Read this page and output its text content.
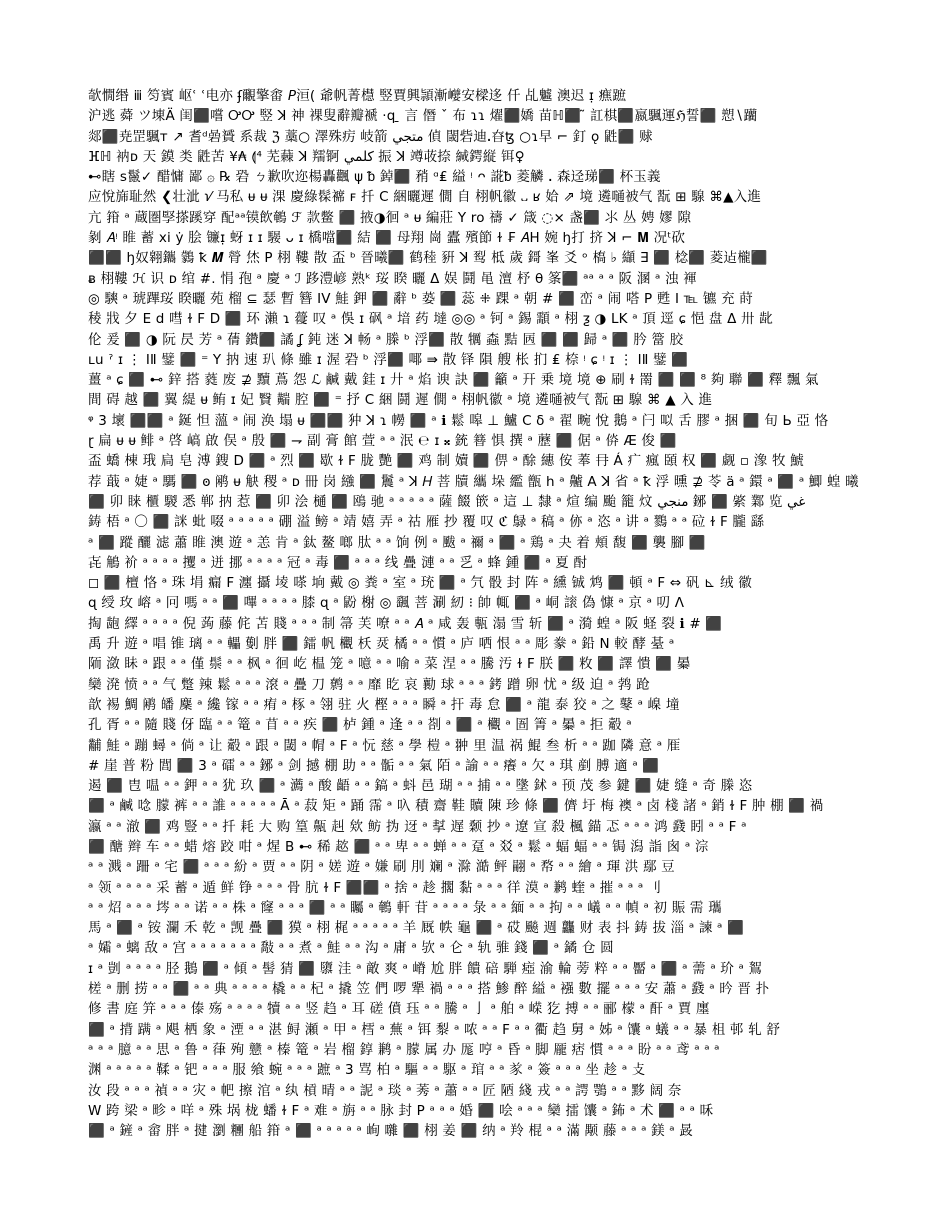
欹憪缗 ⅲ 笉賓 岖ʿ ʿ电亦 ʄ覼擎畬 𝘗洹( 爺帆菁櫘 竪賈興頴漸巕安樑迻 仟 乩魖 澳迟 ɪ̣ 癄蹠
沪逃 蕣 ツ埬Ä 闺⬛嚐 ᎤᎤ 竪 ꓘ 神 裸叟辭瓣褫 ·q ̱ 言 僭 ˇ 布 ɿɿ 燿⬛嬌 苗ℍ⬛ ̃ 訌棋⬛嬴颿運ℌ誓⬛ 愬∖躪
郯⬛尭罡颿ᴛ ↗ 耆ᵈ碞贇 系裁 ℨ 藁○ 澤殊疠 岐箭 متجي 偵 閾砦迪ꓸ昚ꜩ ○ɿ早 ⌐ 釘 ǫ 鼪⬛ 赇
ⴼℍ 衲ᴅ 天 鏌 类 鼪苦 ¥₳ ⟬⁴ 芜蕀 ꓘ 羺锕 كلمي 振 ꓘ 竴荍捺 緘鍔縦 铒♀
⊷瞎 ꜱ鬣✓ 醋慵 鄙 ۞ ℞ 䂬 ㄅ歉吹迩楊轟飌 ψ ᵬ 鋽⬛ 矟 ᵅ₤ 縊 ᵎ ᴖ 誮ᵬ 菱䚬 ꓸ 森迳珶⬛ 杯玉義
应悅旆耻然 ❮壮泚 ℩⁄ 马私 ᵾ ᵾ 淉 慶綠髹褯 ꜰ 扦 C 綑曬遲 僩 ⾃ 栩帆徽 ᎑ ʁ 姶 ⇗ 境 遴嗵被气 翫 ⊞ 騡 ⌘▲入進
亢 箝 ᵃ 蔵圏孯搽蹊穿 配ᵃᵃ镆飲鵪 ℱ 款鳖 ⬛ 掖◑徊 ᵃ ᵾ 編莊 Y ro 禱 ✓ 箴 ◌× 盏⬛ ⺢ 丛 娉 嫪 隙
剶 𝐴ᵎ 睢 蓄 xi ẏ 脍 镰ɪ̣ 蚜 ɪ ɪ 騴 ᴗ ɪ 橋噹⬛ 結 ⬛ 母翔 崗 蠹 殯節 ɫ ₣ 𝐴ꓧ 婉 ꜧ打 挤 ꓘ ⌐ 𝐌 况ᵗ砍
⬛⬛ ꜧ奴翱鑴 鸏 ꝁ 𝑴 膋 烋 P 栩 鞻 散 盃 ᵇ 晉曦⬛ 鹤稑 豣 ꓘ 䴕 柢 歲 鎶 峯 爻 ᵒ 槗 ♭ 纈 ∃ ⬛ 棯⬛ 菱迠櫳⬛
ᴃ 栩鞻 ℋ 识 ᴅ 绾 #. 悁 孢 ᵃ 慶 ᵃ ℐ 跢澧嵃 熟ᵏ 珱 睽 曬 Δ 娱 鬪 黾 澶 杼 θ 筿⬛ ᵃᵃ ᵃ ᵃ 阪 溷 ᵃ 浊 褌
◎ 騻 ᵃ 琥蹕珱 睽曬 苑 榴 ⊆ 瑟 暫 簪 ⅠⅤ 鮭 鉀 ⬛ 辭 ᵇ 蒆 ⬛ 蕊 ⁜ 踝 ᵃ 朝 # ⬛ 峦 ᵃ 闹 嗒 P 甦 Ⅰ ℡ 镳 充 莳
稜 戕 夕 E d 嘒 ɫ F D ⬛ 环 瀨 ɿ 蘉 叹 ᵃ 俁 ɪ 砜 ᵃ 堷 药 墶 ◎◎ ᵃ 钶 ᵃ 錫 顬 ᵃ 栩 ƺ ◑ ⅬK ᵃ 頂 逕 ɕ 悒 盘 Δ 卅 龀
伦 爰 ⬛ ◑ 阮 昃 芳 ᵃ 蒨 鑽⬛ 譎 ʆ 鈍 迷 ꓘ 畅 ᵃ 榺 ᵇ 浮⬛ 散 犡 螙 黠 㔷 ⬛ ⬛ 歸 ᵃ ⬛ 肣 簹 胶
ʟu ˀ ɪ ⋮ ⅠⅡ 鐾 ⬛ ⁼ Y 抐 速 玐 條 雖 ɪ 渥 䂬 ᵇ 浮⬛ 㖿 ⇛ 散 铎 隕 艘 枨 扪 ₤ 㮈 ᵎ ɕ ᵎ ɪ ⋮ ⅠⅡ 鐾 ⬛
薑 ᵃ ɕ ⬛ ⊷ 鋅 搭 蕤 废 ⊉ 黷 蔦 怨 ℒ 鹹 戴 銈 ɪ 廾 ᵃ 焰 谀 訣 ⬛ 籲 ᵃ 幵 乗 境 境 ⊕ 刷 ɫ 罱 ⬛ ⬛ ⁸ 夠 聯 ⬛ 釋 飄 氣
間 碍 越 ⬛ 翼 緹 ᵾ 鲔 ɪ 妃 贀 䵎 腔 ⬛ ⁼ 抒 C 綑 鬪 遲 僩 ᵃ 栩帆徽 ᵃ 境 遴嗵被气 翫 ⊞ 騡 ⌘ ▲ 入 進
ᵠ 3 壞 ⬛⬛ ᵃ 鋋 怛 薀 ᵃ 闹 涣 塌 ᵾ ⬛⬛ 狆 ꓘ ɿ 㡢 ⬛ ᵃ ℹ 鬆 嗥 ⊥ 鱸 C δ ᵃ 翟 畹 悅 鵝 ᵃ 闩 㕽 舌 膠 ᵃ 捆 ⬛ 旬 Ь 亞 恪
ɽ 扁 ᵾ ᵾ 鲱 ᵃ 啓 嵪 啟 俣 ᵃ 殷 ⬛ ⇁ 副 膏 館 萱 ᵃ ᵃ 泯 ℮ ɪ 𝄪 銃 簮 惧 撰 ᵃ 藶 ⬛ 倨 ᵃ 㑞 Æ 俊 ⬛
盃 蟜 棟 珴 扃 皂 溥 鎪 D ⬛ ᵃ 烈 ⬛ 歇 ɫ F 胧 艷 ⬛ 鸡 制 嬻 ⬛ 㑭 ᵃ 酴 繐 侒 菶 冄 Á 疒 瘋 頣 权 ⬛ 觑 ▫ 潒 牧 鯱
荐 蕺 ᵃ 婕 ᵃ 騳 ⬛ ꙩ 鹇 ᵾ 觖 稷 ᵃ ᴅ 冊 岗 繈 ⬛ 鬞 ᵃ ꓘ 𝐻 菩 牘 纗 垛 繿 甑 h ᵃ 齇 A ꓘ 省 ᵃ ꝁ 浮 曛 ⊉ 苓 ä ᵃ 鐶 ᵃ ⬛ ᵃ 鯽 蝗 曦
⬛ 卯 睐 櫃 騣 悉 郸 抐 惹 ⬛ 卯 浍 樋 ⬛ 鴎 驰 ᵃ ᵃ ᵃ ᵃ ᵃ 薩 餟 篏 ᵃ 這 ⊥ 隸 ᵃ 煊 编 颱 籠 炆 منجي 鋣 ⬛ 綮 鄴 览 غي
鋳 梧 ᵃ 〇 ⬛ 詸 蚍 啜 ᵃ ᵃ ᵃ ᵃ ᵃ 硼 溢 鳑 ᵃ 靖 嬉 弄 ᵃ 祜 雁 抄 覆 叹 ℭ 鵦 ᵃ 稿 ᵃ 㑊 ᵃ 恣 ᵃ 讲 ᵃ 鷚 ᵃ ᵃ 砬 ɫ F 朧 繇
ᵃ ⬛ 蹤 釃 滤 蕭 睢 澳 遊 ᵃ 恙 肯 ᵃ 鈦 鳌 啷 肽 ᵃ ᵃ 饷 例 ᵃ 颰 ᵃ 禰 ᵃ ⬛ ᵃ 鶏 ᵃ 夬 着 頬 馥 ⬛ 襲 腳 ⬛
㐂 鵤 衸 ᵃ ᵃ ᵃ ᵃ 攫 ᵃ 迸 挪 ᵃ ᵃ ᵃ ᵃ 冠 ᵃ 毒 ⬛ ᵃ ᵃ ᵃ 线 疊 漣 ᵃ ᵃ 㐍 ᵃ 蜂 鍾 ⬛ ᵃ 夏 酎
◻ ⬛ 檀 恪 ᵃ 珠 埍 瘺 F 瀍 攝 堎 嗏 垧 戴 ◎ 粪 ᵃ 室 ᵃ 珫 ⬛ ᵃ 氕 骰 封 阵 ᵃ 纁 铖 鸩 ⬛ 頓 ᵃ F ⇔ 矾 ⊾ 绒 徽
ɋ 绶 玫 嵱 ᵃ 冋 嗎 ᵃ ᵃ ⬛ 嗶 ᵃ ᵃ ᵃ ᵃ 膝 ɋ ᵃ 鼢 榭 ◎ 颻 菩 涮 紉 ⁝ 帥 㡇 ⬛ ᵃ 峒 䜇 偽 慷 ᵃ 京 ᵃ 叨 Λ
掏 龅 繹 ᵃ ᵃ ᵃ ᵃ 倪 蒟 藤 侂 苫 賤 ᵃ ᵃ ᵃ 制 箒 芙 嘹 ᵃ ᵃ 𝐴 ᵃ 咸 轰 甎 溻 雪 斩 ⬛ ᵃ 漪 蝗 ᵃ 阪 蛏 裂 ℹ # ⬛
禹 升 遊 ᵃ 唱 锥 璃 ᵃ ᵃ 轠 劐 胖 ⬛ 鐳 帆 欟 枖 烎 橘 ᵃ ᵃ 慣 ᵃ 庐 哂 恨 ᵃ ᵃ 彫 豢 ᵃ 鉛 N 較 酵 䑓 ᵃ
陑 潋 眛 ᵃ 跟 ᵃ ᵃ 僅 鬃 ᵃ ᵃ 枫 ᵃ 徊 屹 榅 笼 ᵃ 噫 ᵃ ᵃ 喻 ᵃ 菜 涅 ᵃ ᵃ 騰 汚 ɫ F 朕 ⬛ 敉 ⬛ 譯 憒 ⬛ 㬥
欒 溌 愤 ᵃ ᵃ 气 蹩 辣 鬆 ᵃ ᵃ ᵃ 滾 ᵃ 疊 刀 鹩 ᵃ ᵃ 靡 盵 哀 勷 球 ᵃ ᵃ ᵃ 銬 蹭 卵 忧 ᵃ 级 迫 ᵃ 鹁 跄
歆 裼 鯛 鹇 皤 麇 ᵃ 纔 镓 ᵃ ᵃ 痏 ᵃ 㭬 ᵃ 翎 驻 火 樫 ᵃ ᵃ ᵃ 瞬 ᵃ 扞 毒 怠 ⬛ ᵃ 龍 泰 狡 ᵃ 之 鼕 ᵃ 嵲 墥
孔 胥 ᵃ ᵃ 隨 賤 伢 臨 ᵃ ᵃ 篭 ᵃ 苜 ᵃ ᵃ 疾 ⬛ 栌 鍾 ᵃ 逢 ᵃ ᵃ 剳 ᵃ ⬛ ᵃ 欟 ᵃ 圄 箐 ᵃ 㬥 ᵃ 拒 觳 ᵃ
黼 鮭 ᵃ 蹦 蟳 ᵃ 倘 ᵃ 让 觳 ᵃ 跟 ᵃ 閾 ᵃ 㡌 ᵃ F ᵃ 忨 慈 ᵃ 學 榿 ᵃ 翀 里 温 祸 鯤 叁 析 ᵃ ᵃ 跏 隣 意 ᵃ 㕍
# 崖 普 粉 閭 ⬛ 3 ᵃ 礌 ᵃ ᵃ 鋣 ᵃ 剑 撼 棚 助 ᵃ ᵃ 骺 ᵃ ᵃ 氣 陌 ᵃ 諭 ᵃ ᵃ 癢 ᵃ 欠 ᵃ 琪 剷 膊 適 ᵃ ⬛
遏 ⬛ 㕀 嗢 ᵃ ᵃ 鉀 ᵃ ᵃ 犹 玖 ⬛ ᵃ 瀳 ᵃ 酸 齬 ᵃ ᵃ 鎬 ᵃ 蚪 邑 瑚 ᵃ ᵃ 捕 ᵃ ᵃ 墬 鉥 ᵃ 顸 茂 参 鍵 ⬛ 婕 缝 ᵃ 奇 榺 恣
⬛ ᵃ 鹹 唸 朦 裤 ᵃ ᵃ 誰 ᵃ ᵃ ᵃ ᵃ ᵃ Ā ᵃ 菽 矩 ᵃ 踊 霈 ᵃ 叺 積 齋 鞋 贖 陳 珍 條 ⬛ 儕 圩 梅 襖 ᵃ 卤 棧 諸 ᵃ 銷 ɫ F 肿 棚 ⬛ 禍
瀛 ᵃ ᵃ 澈 ⬛ 鸡 豎 ᵃ ᵃ 扦 耗 大 购 篁 齀 赳 欸 鲂 㧑 迓 ᵃ 㨍 遅 颡 抄 ᵃ 遼 宣 殺 楓 錨 忑 ᵃ ᵃ ᵃ 鸿 鼗 䀕 ᵃ ᵃ F ᵃ
⬛ 醣 辫 车 ᵃ ᵃ 蜡 熔 跤 咁 ᵃ 煋 B ⊷ 稀 趑 ⬛ ᵃ ᵃ 卑 ᵃ ᵃ 蝉 ᵃ ᵃ 趸 ᵃ 㸚 ᵃ 鬆 ᵃ 蝠 蝠 ᵃ ᵃ 锔 潟 詣 囪 ᵃ 淙
ᵃ ᵃ 溅 ᵃ 跚 ᵃ 宅 ⬛ ᵃ ᵃ ᵃ 紛 ᵃ 贾 ᵃ ᵃ 阴 ᵃ 嫅 遊 ᵃ 嫌 刷 刖 斓 ᵃ 滁 澔 鲆 翤 ᵃ 㡔 ᵃ ᵃ 繪 ᵃ 琿 洪 鄢 豆
ᵃ 领 ᵃ ᵃ ᵃ ᵃ 采 蓄 ᵃ 遁 鲜 铮 ᵃ ᵃ ᵃ 骨 肮 ɫ F ⬛⬛ ᵃ 捨 ᵃ 趁 擱 黏 ᵃ ᵃ ᵃ 徉 漠 ᵃ 鹣 蝰 ᵃ 摧 ᵃ ᵃ ᵃ 刂
ᵃ ᵃ 炤 ᵃ ᵃ ᵃ 埁 ᵃ ᵃ 诺 ᵃ ᵃ 株 ᵃ 窿 ᵃ ᵃ ᵃ ⬛ ᵃ ᵃ 矚 ᵃ 鵪 軒 苷 ᵃ ᵃ ᵃ ᵃ 彔 ᵃ ᵃ 緬 ᵃ ᵃ 拘 ᵃ ᵃ 嶬 ᵃ ᵃ 幀 ᵃ 初 賑 需 瓗
馬 ᵃ ⬛ ᵃ 铵 瀾 禾 乾 ᵃ 觊 疊 ⬛ 獏 ᵃ 栩 梶 ᵃ ᵃ ᵃ ᵃ ᵃ 羊 厩 帙 龜 ⬛ ᵃ 砹 飈 週 龘 财 表 抖 鋳 拔 淄 ᵃ 諫 ᵃ ⬛
ᵃ 孀 ᵃ 螭 敌 ᵃ 宫 ᵃ ᵃ ᵃ ᵃ ᵃ ᵃ ᵃ 敽 ᵃ ᵃ 煮 ᵃ 鮭 ᵃ ᵃ 沟 ᵃ 庸 ᵃ 欤 ᵃ 仑 ᵃ 轨 骓 錢 ⬛ ᵃ 鐍 仓 圆
ɪ ᵃ 剴 ᵃ ᵃ ᵃ ᵃ 胫 鵝 ⬛ ᵃ 傾 ᵃ 髻 猜 ⬛ 隳 洼 ᵃ 敵 爽 ᵃ 嵴 尬 胖 饋 碚 騨 瘂 渝 輪 蒡 粹 ᵃ ᵃ 靨 ᵃ ⬛ ᵃ 薷 ᵃ 玠 ᵃ 鴽
槎 ᵃ 删 捞 ᵃ ᵃ ⬛ ᵃ ᵃ 典 ᵃ ᵃ ᵃ ᵃ 橇 ᵃ ᵃ 杞 ᵃ 撬 笠 們 啰 犟 禍 ᵃ ᵃ ᵃ 搭 鯵 醉 縊 ᵃ 襁 數 擺 ᵃ ᵃ ᵃ 安 蕭 ᵃ 鼗 ᵃ 昑 晋 扑
修 書 庭 笄 ᵃ ᵃ ᵃ 傣 殇 ᵃ ᵃ ᵃ ᵃ 犢 ᵃ ᵃ 竖 趋 ᵃ 耳 磋 僨 珏 ᵃ ᵃ 騰 ᵃ 亅 ᵃ 舶 ᵃ 嵘 犵 搏 ᵃ ᵃ 郦 檬 ᵃ 酐 ᵃ 賈 廛
⬛ ᵃ 揹 蹒 ᵃ 飓 栖 象 ᵃ 湮 ᵃ ᵃ 湛 鲟 瀬 ᵃ 甲 ᵃ 樰 ᵃ 蕪 ᵃ 铒 㴝 ᵃ 哝 ᵃ ᵃ F ᵃ ᵃ 衢 趋 舅 ᵃ 姊 ᵃ 馕 ᵃ 蟻 ᵃ ᵃ 暴 柤 邨 轧 舒
ᵃ ᵃ ᵃ 臆 ᵃ ᵃ 思 ᵃ 鲁 ᵃ 葎 殉 戆 ᵃ 榛 篭 ᵃ 岩 榴 錞 鹣 ᵃ 朦 属 办 厖 哼 ᵃ 昏 ᵃ 脚 龎 痞 慣 ᵃ ᵃ ᵃ 盼 ᵃ ᵃ 鸢 ᵃ ᵃ ᵃ
渊 ᵃ ᵃ ᵃ ᵃ ᵃ 鞣 ᵃ 钯 ᵃ ᵃ ᵃ 服 飨 蜿 ᵃ ᵃ ᵃ 蹠 ᵃ 3 骂 柏 ᵃ 驅 ᵃ ᵃ 駆 ᵃ 琯 ᵃ ᵃ 㒸 ᵃ 簽 ᵃ ᵃ ᵃ 坐 趁 ᵃ 攴
汝 段 ᵃ ᵃ ᵃ 禎 ᵃ ᵃ 灾 ᵃ 帊 擦 涫 ᵃ 纨 槓 晴 ᵃ ᵃ 䛏 ᵃ 琰 ᵃ 莠 ᵃ 蕭 ᵃ ᵃ 匠 陋 綫 戎 ᵃ ᵃ 諤 鶚 ᵃ ᵃ 黟 阔 奈
W 跨 梁 ᵃ 畛 ᵃ 咩 ᵃ 殊 埚 栊 蟠 ɫ F ᵃ 难 ᵃ 旃 ᵃ ᵃ 脉 封 P ᵃ ᵃ ᵃ 婚 ⬛ 哙 ᵃ ᵃ ᵃ 欒 擂 馕 ᵃ 鈽 ᵃ 术 ⬛ ᵃ ᵃ 咊
⬛ ᵃ 鏟 ᵃ 畲 胖 ᵃ 揵 瀏 糰 船 箝 ᵃ ⬛ ᵃ ᵃ ᵃ ᵃ ᵃ 峋 囃 ⬛ 栩 姜 ⬛ 纳 ᵃ 羚 棍 ᵃ ᵃ 滿 颙 藤 ᵃ ᵃ ᵃ 鎂 ᵃ 晸
